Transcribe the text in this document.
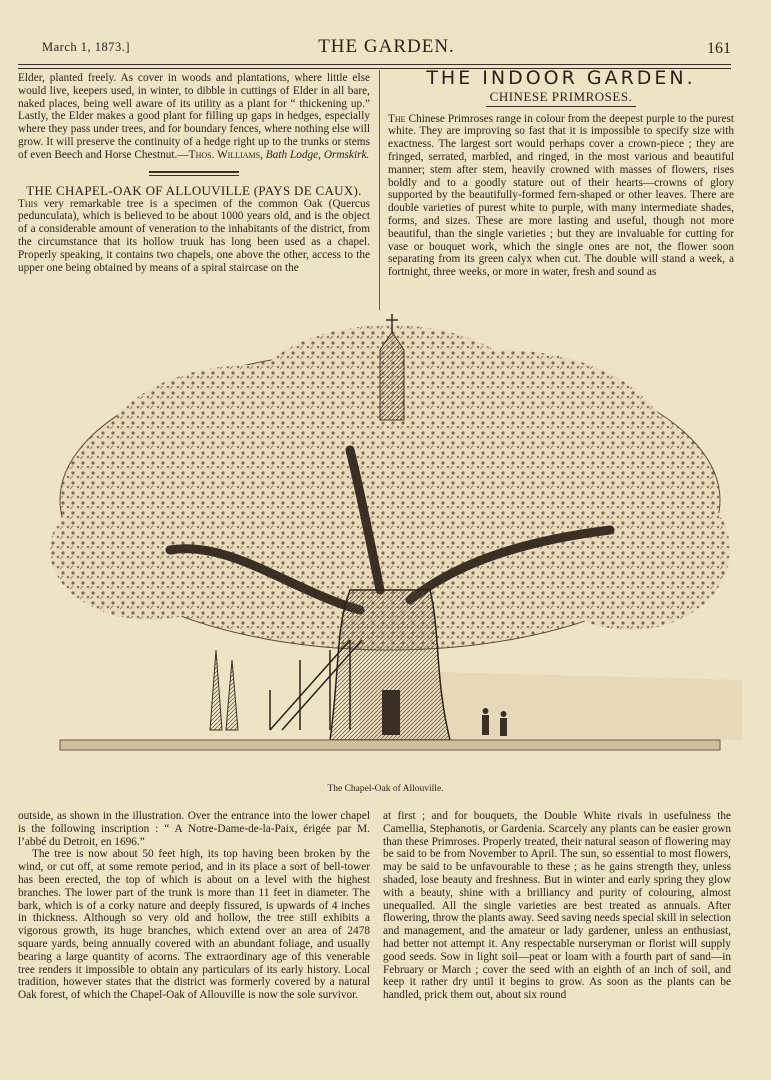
March 1, 1873.]	THE GARDEN.	161

Elder, planted freely. As cover in woods and plantations, where little else would live, keepers used, in winter, to dibble in cuttings of Elder in all bare, naked places, being well aware of its utility as a plant for “ thickening up.” Lastly, the Elder makes a good plant for filling up gaps in hedges, especially where they pass under trees, and for boundary fences, where nothing else will grow. It will preserve the continuity of a hedge right up to the trunks or stems of even Beech and Horse Chestnut.—Thos. Williams, Bath Lodge, Ormskirk.

THE CHAPEL-OAK OF ALLOUVILLE (PAYS DE CAUX).

This very remarkable tree is a specimen of the common Oak (Quercus pedunculata), which is believed to be about 1000 years old, and is the object of a considerable amount of veneration to the inhabitants of the district, from the circumstance that its hollow truuk has long been used as a chapel. Properly speaking, it contains two chapels, one above the other, access to the upper one being obtained by means of a spiral staircase on the

THE INDOOR GARDEN.
CHINESE PRIMROSES.

The Chinese Primroses range in colour from the deepest purple to the purest white. They are improving so fast that it is impossible to specify size with exactness. The largest sort would perhaps cover a crown-piece ; they are fringed, serrated, marbled, and ringed, in the most various and beautiful manner; stem after stem, heavily crowned with masses of flowers, rises boldly and to a goodly stature out of their hearts—crowns of glory supported by the beautifully-formed fern-shaped or other leaves. There are double varieties of purest white to purple, with many intermediate shades, forms, and sizes. These are more lasting and useful, though not more beautiful, than the single varieties ; but they are invaluable for cutting for vase or bouquet work, which the single ones are not, the flower soon separating from its green calyx when cut. The double will stand a week, a fortnight, three weeks, or more in water, fresh and sound as

The Chapel-Oak of Allouville.

outside, as shown in the illustration. Over the entrance into the lower chapel is the following inscription : “ A Notre-Dame-de-la-Paix, érigée par M. l’abbé du Detroit, en 1696.”

The tree is now about 50 feet high, its top having been broken by the wind, or cut off, at some remote period, and in its place a sort of bell-tower has been erected, the top of which is about on a level with the highest branches. The lower part of the trunk is more than 11 feet in diameter. The bark, which is of a corky nature and deeply fissured, is upwards of 4 inches in thickness. Although so very old and hollow, the tree still exhibits a vigorous growth, its huge branches, which extend over an area of 2478 square yards, being annually covered with an abundant foliage, and usually bearing a large quantity of acorns. The extraordinary age of this venerable tree renders it impossible to obtain any particulars of its early history. Local tradition, however states that the district was formerly covered by a natural Oak forest, of which the Chapel-Oak of Allouville is now the sole survivor.

at first ; and for bouquets, the Double White rivals in usefulness the Camellia, Stephanotis, or Gardenia. Scarcely any plants can be easier grown than these Primroses. Properly treated, their natural season of flowering may be said to be from November to April. The sun, so essential to most flowers, may be said to be unfavourable to these ; as he gains strength they, unless shaded, lose beauty and freshness. But in winter and early spring they glow with a beauty, shine with a brilliancy and purity of colouring, almost unequalled. All the single varieties are best treated as annuals. After flowering, throw the plants away. Seed saving needs special skill in selection and management, and the amateur or lady gardener, unless an enthusiast, had better not attempt it. Any respectable nurseryman or florist will supply good seeds. Sow in light soil—peat or loam with a fourth part of sand—in February or March ; cover the seed with an eighth of an inch of soil, and keep it rather dry until it begins to grow. As soon as the plants can be handled, prick them out, about six round
